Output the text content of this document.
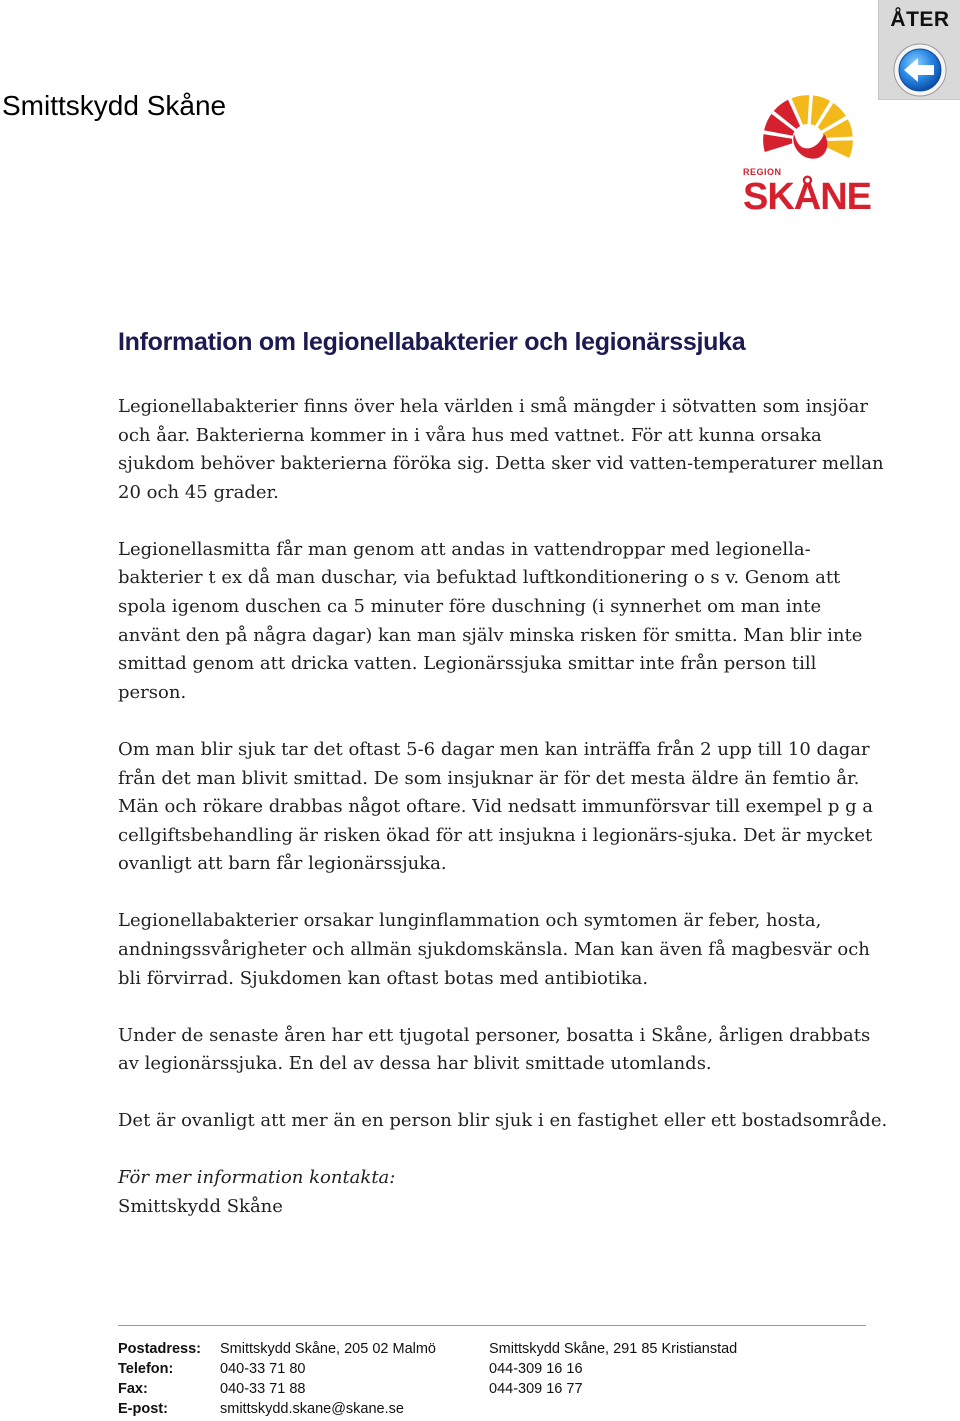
ÅTER
Smittskydd Skåne
REGION
SKÅNE
Information om legionellabakterier och legionärssjuka

Legionellabakterier finns över hela världen i små mängder i sötvatten som insjöar och åar. Bakterierna kommer in i våra hus med vattnet. För att kunna orsaka sjukdom behöver bakterierna föröka sig. Detta sker vid vatten-temperaturer mellan 20 och 45 grader.

Legionellasmitta får man genom att andas in vattendroppar med legionella-bakterier t ex då man duschar, via befuktad luftkonditionering o s v. Genom att spola igenom duschen ca 5 minuter före duschning (i synnerhet om man inte använt den på några dagar) kan man själv minska risken för smitta. Man blir inte smittad genom att dricka vatten. Legionärssjuka smittar inte från person till person.

Om man blir sjuk tar det oftast 5-6 dagar men kan inträffa från 2 upp till 10 dagar från det man blivit smittad. De som insjuknar är för det mesta äldre än femtio år. Män och rökare drabbas något oftare. Vid nedsatt immunförsvar till exempel p g a cellgiftsbehandling är risken ökad för att insjukna i legionärs-sjuka. Det är mycket ovanligt att barn får legionärssjuka.

Legionellabakterier orsakar lunginflammation och symtomen är feber, hosta, andningssvårigheter och allmän sjukdomskänsla. Man kan även få magbesvär och bli förvirrad. Sjukdomen kan oftast botas med antibiotika.

Under de senaste åren har ett tjugotal personer, bosatta i Skåne, årligen drabbats av legionärssjuka. En del av dessa har blivit smittade utomlands.

Det är ovanligt att mer än en person blir sjuk i en fastighet eller ett bostadsområde.

För mer information kontakta:

Smittskydd Skåne

Postadress: Smittskydd Skåne, 205 02 Malmö	Smittskydd Skåne, 291 85 Kristianstad
Telefon:	040-33 71 80	044-309 16 16
Fax:	040-33 71 88	044-309 16 77
E-post:	smittskydd.skane@skane.se
